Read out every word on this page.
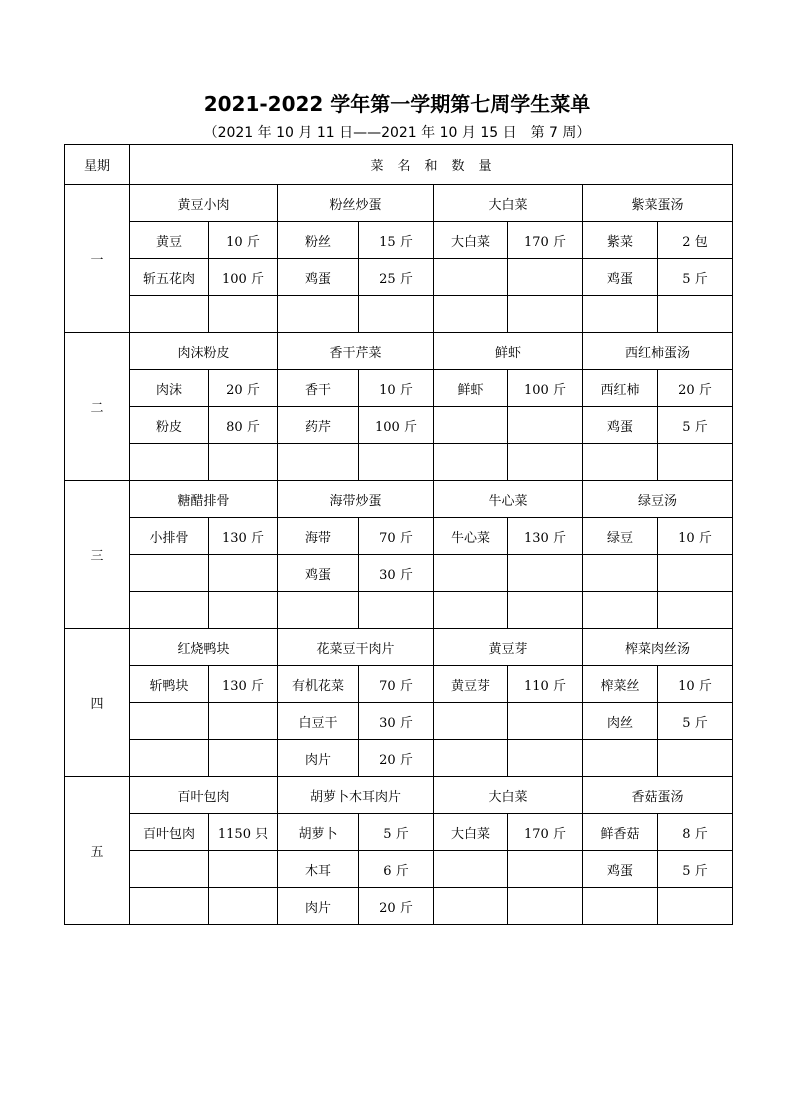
2021-2022 学年第一学期第七周学生菜单
（2021 年 10 月 11 日——2021 年 10 月 15 日　第 7 周）
星期	菜名和数量							
一	黄豆小肉		粉丝炒蛋		大白菜		紫菜蛋汤	
	黄豆	10 斤	粉丝	15 斤	大白菜	170 斤	紫菜	2 包
	斩五花肉	100 斤	鸡蛋	25 斤			鸡蛋	5 斤

二	肉沫粉皮		香干芹菜		鲜虾		西红柿蛋汤	
	肉沫	20 斤	香干	10 斤	鲜虾	100 斤	西红柿	20 斤
	粉皮	80 斤	药芹	100 斤			鸡蛋	5 斤

三	糖醋排骨		海带炒蛋		牛心菜		绿豆汤	
	小排骨	130 斤	海带	70 斤	牛心菜	130 斤	绿豆	10 斤
			鸡蛋	30 斤				

四	红烧鸭块		花菜豆干肉片		黄豆芽		榨菜肉丝汤	
	斩鸭块	130 斤	有机花菜	70 斤	黄豆芽	110 斤	榨菜丝	10 斤
			白豆干	30 斤			肉丝	5 斤
			肉片	20 斤				
五	百叶包肉		胡萝卜木耳肉片		大白菜		香菇蛋汤	
	百叶包肉	1150 只	胡萝卜	5 斤	大白菜	170 斤	鲜香菇	8 斤
			木耳	6 斤			鸡蛋	5 斤
			肉片	20 斤				
